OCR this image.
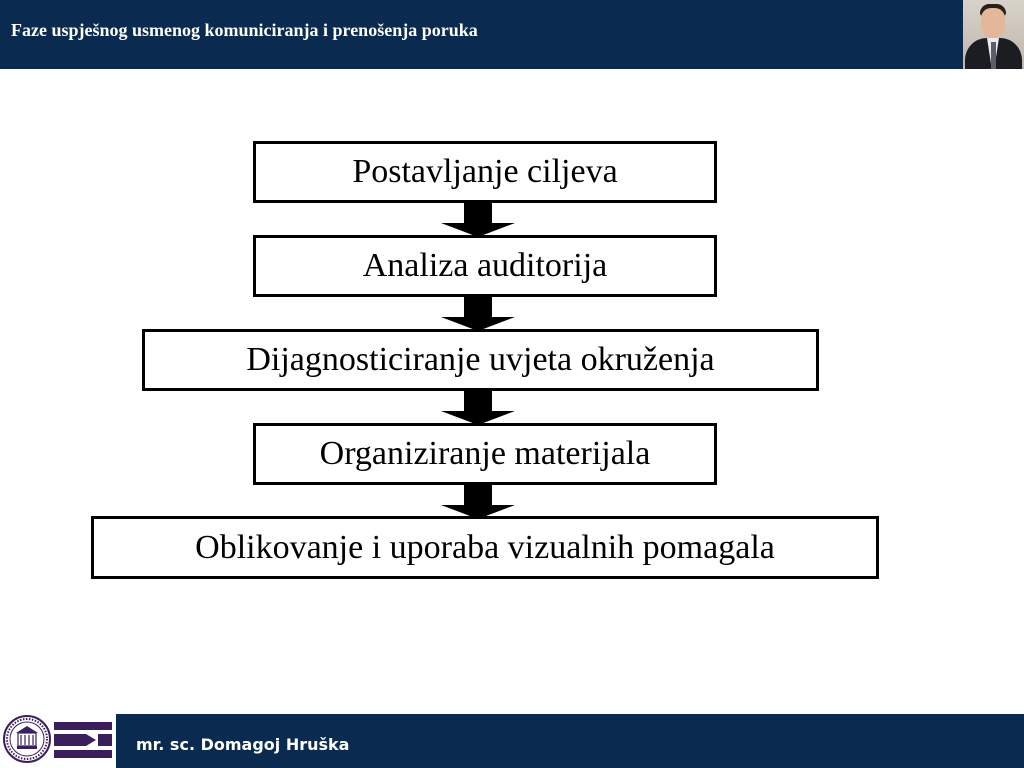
Faze uspješnog usmenog komuniciranja i prenošenja poruka
Postavljanje ciljeva
Analiza auditorija
Dijagnosticiranje uvjeta okruženja
Organiziranje materijala
Oblikovanje i uporaba vizualnih pomagala
mr. sc. Domagoj Hruška
